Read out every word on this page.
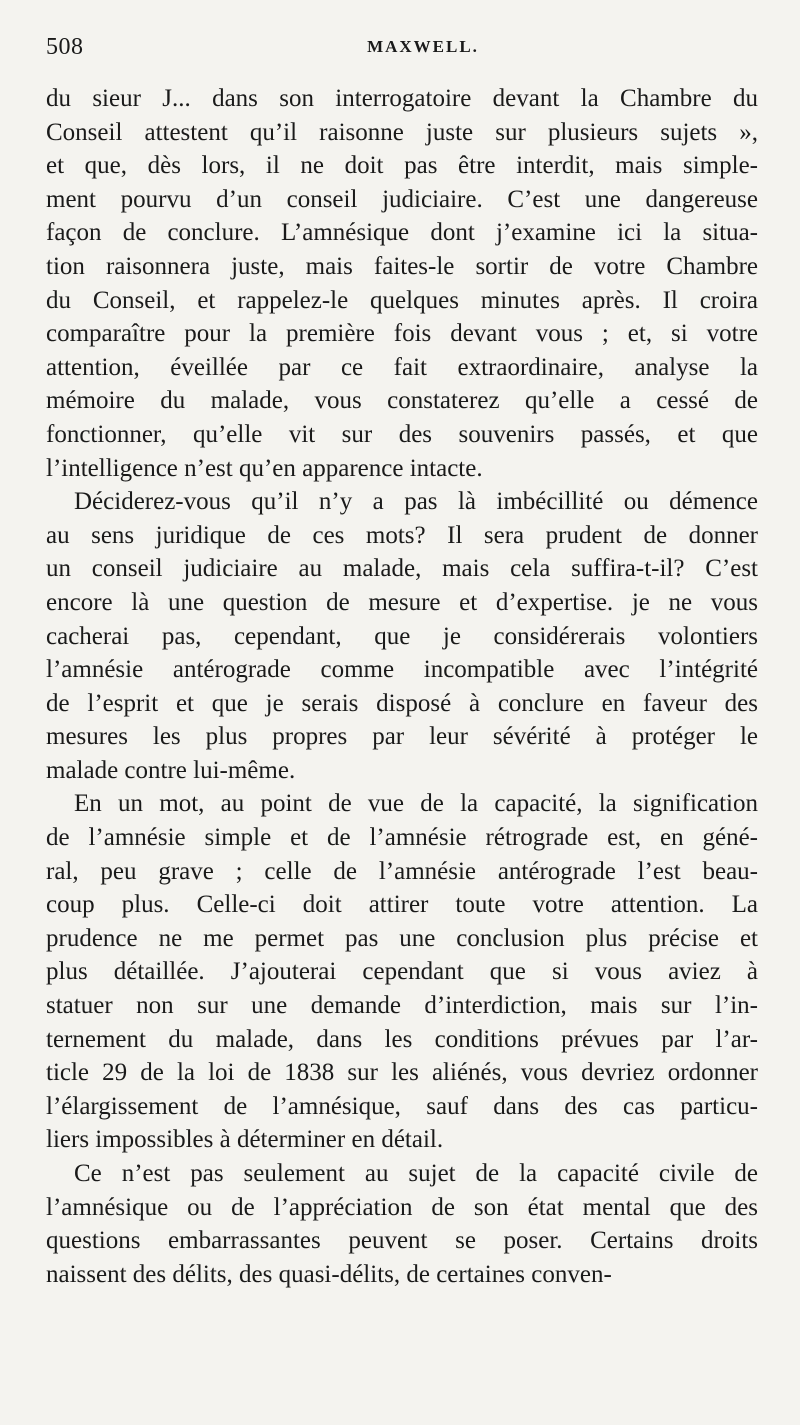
508	MAXWELL.
du sieur J... dans son interrogatoire devant la Chambre du
Conseil attestent qu’il raisonne juste sur plusieurs sujets »,
et que, dès lors, il ne doit pas être interdit, mais simple-
ment pourvu d’un conseil judiciaire. C’est une dangereuse
façon de conclure. L’amnésique dont j’examine ici la situa-
tion raisonnera juste, mais faites-le sortir de votre Chambre
du Conseil, et rappelez-le quelques minutes après. Il croira
comparaître pour la première fois devant vous ; et, si votre
attention, éveillée par ce fait extraordinaire, analyse la
mémoire du malade, vous constaterez qu’elle a cessé de
fonctionner, qu’elle vit sur des souvenirs passés, et que
l’intelligence n’est qu’en apparence intacte.
Déciderez-vous qu’il n’y a pas là imbécillité ou démence
au sens juridique de ces mots? Il sera prudent de donner
un conseil judiciaire au malade, mais cela suffira-t-il? C’est
encore là une question de mesure et d’expertise. je ne vous
cacherai pas, cependant, que je considérerais volontiers
l’amnésie antérograde comme incompatible avec l’intégrité
de l’esprit et que je serais disposé à conclure en faveur des
mesures les plus propres par leur sévérité à protéger le
malade contre lui-même.
En un mot, au point de vue de la capacité, la signification
de l’amnésie simple et de l’amnésie rétrograde est, en géné-
ral, peu grave ; celle de l’amnésie antérograde l’est beau-
coup plus. Celle-ci doit attirer toute votre attention. La
prudence ne me permet pas une conclusion plus précise et
plus détaillée. J’ajouterai cependant que si vous aviez à
statuer non sur une demande d’interdiction, mais sur l’in-
ternement du malade, dans les conditions prévues par l’ar-
ticle 29 de la loi de 1838 sur les aliénés, vous devriez ordonner
l’élargissement de l’amnésique, sauf dans des cas particu-
liers impossibles à déterminer en détail.
Ce n’est pas seulement au sujet de la capacité civile de
l’amnésique ou de l’appréciation de son état mental que des
questions embarrassantes peuvent se poser. Certains droits
naissent des délits, des quasi-délits, de certaines conven-
